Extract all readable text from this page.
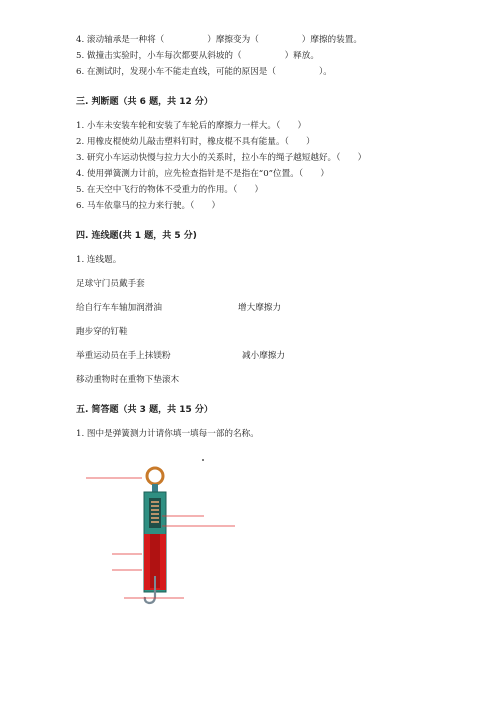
4. 滚动轴承是一种将（　　　　　）摩擦变为（　　　　　）摩擦的装置。
5. 做撞击实验时，小车每次都要从斜坡的（　　　　　）释放。
6. 在测试时，发现小车不能走直线，可能的原因是（　　　　　）。
三. 判断题（共 6 题，共 12 分）
1. 小车未安装车轮和安装了车轮后的摩擦力一样大。（　　）
2. 用橡皮棍使幼儿敲击塑料钉时，橡皮棍不具有能量。（　　）
3. 研究小车运动快慢与拉力大小的关系时，拉小车的绳子越短越好。（　　）
4. 使用弹簧测力计前，应先检查指针是不是指在“0”位置。（　　）
5. 在天空中飞行的物体不受重力的作用。（　　）
6. 马车依靠马的拉力来行驶。（　　）
四. 连线题(共 1 题，共 5 分)
1. 连线题。
足球守门员戴手套
给自行车车轴加润滑油	增大摩擦力
跑步穿的钉鞋
举重运动员在手上抹镁粉	减小摩擦力
移动重物时在重物下垫滚木
五. 简答题（共 3 题，共 15 分）
1. 图中是弹簧测力计请你填一填每一部的名称。
